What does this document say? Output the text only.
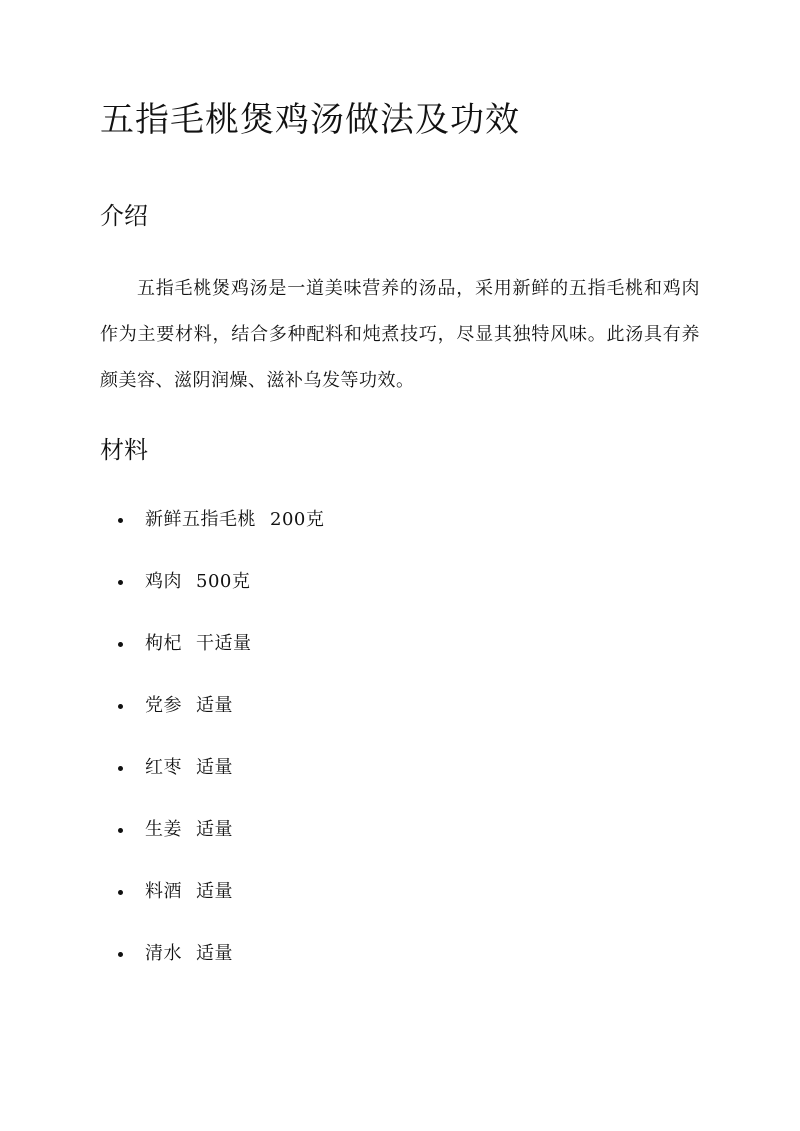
五指毛桃煲鸡汤做法及功效
介绍

五指毛桃煲鸡汤是一道美味营养的汤品，采用新鲜的五指毛桃和鸡肉作为主要材料，结合多种配料和炖煮技巧，尽显其独特风味。此汤具有养颜美容、滋阴润燥、滋补乌发等功效。

材料
新鲜五指毛桃 200克
鸡肉 500克
枸杞 干适量
党参 适量
红枣 适量
生姜 适量
料酒 适量
清水 适量
